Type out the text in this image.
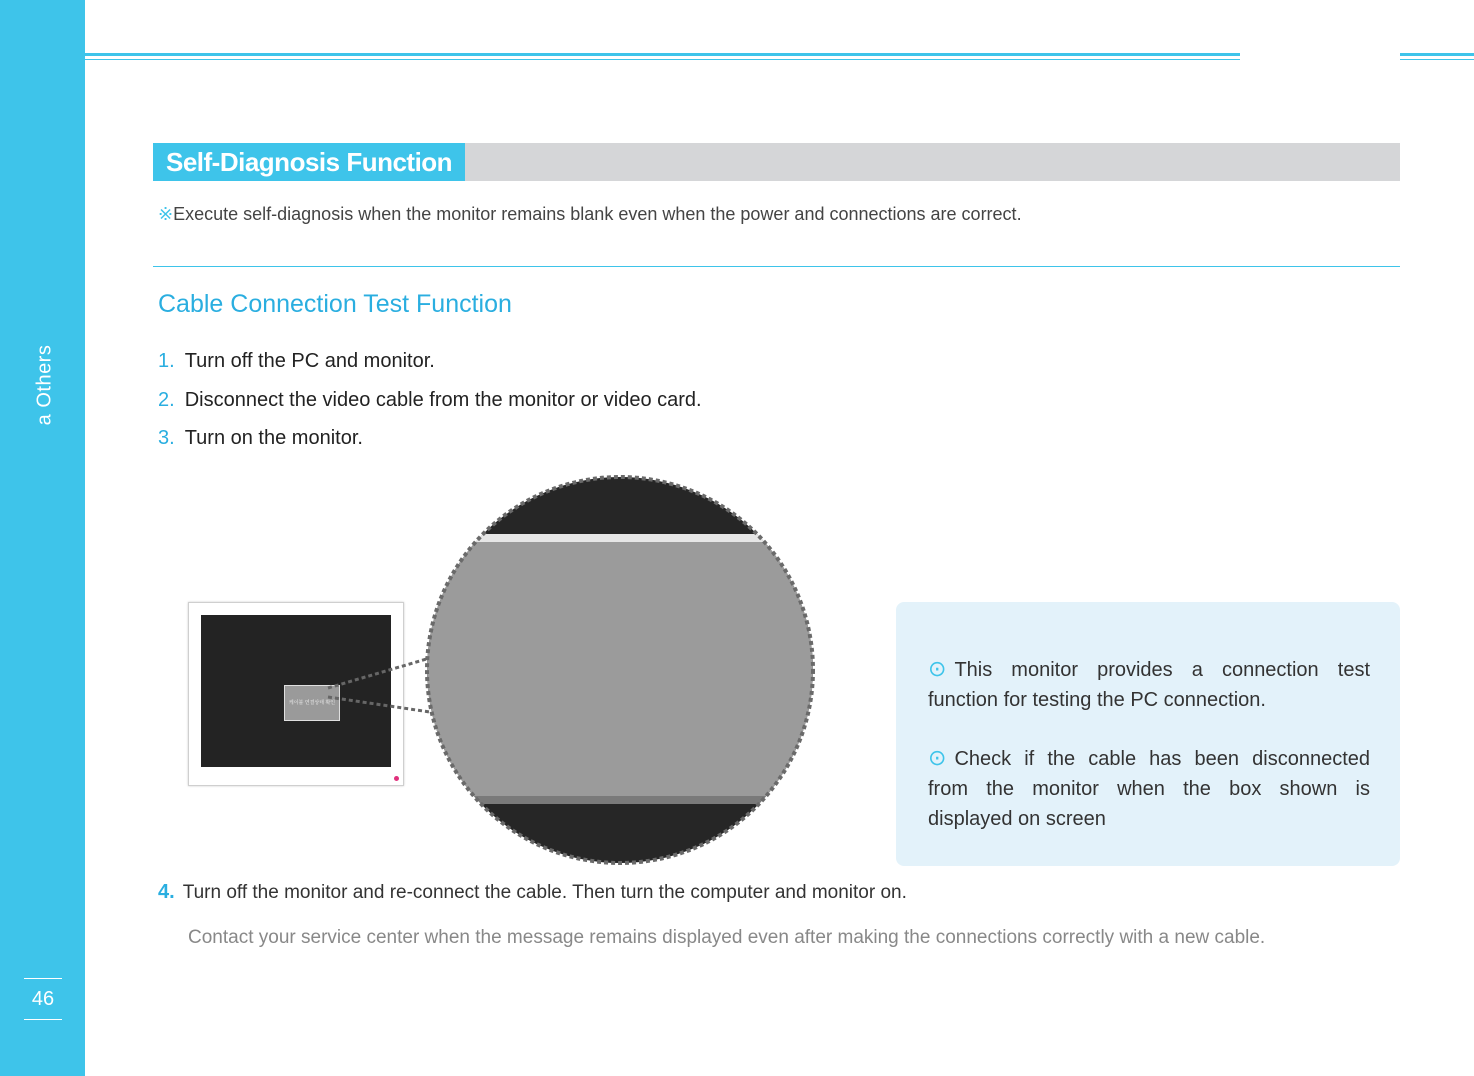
a Others
46
Self-Diagnosis Function
※Execute self-diagnosis when the monitor remains blank even when the power and connections are correct.
Cable Connection Test Function
1. Turn off the PC and monitor.
2. Disconnect the video cable from the monitor or video card.
3. Turn on the monitor.
케이블 연결상태 확인
⊙ This monitor provides a connection test function for testing the PC connection.
⊙ Check if the cable has been disconnected from the monitor when the box shown is displayed on screen
4. Turn off the monitor and re-connect the cable. Then turn the computer and monitor on.
Contact your service center when the message remains displayed even after making the connections correctly with a new cable.
